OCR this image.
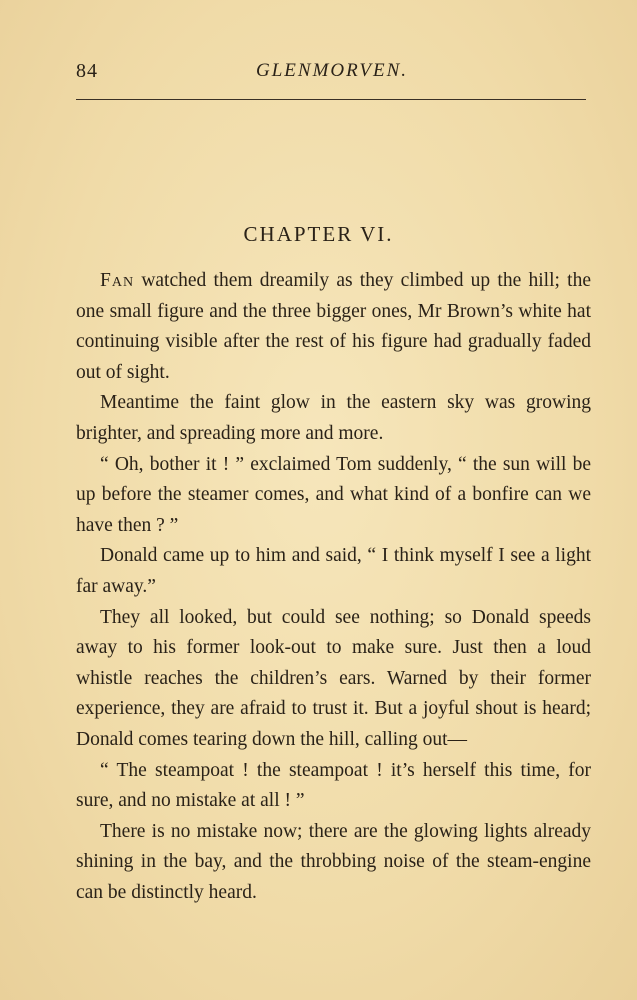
84	GLENMORVEN.
CHAPTER VI.

Fan watched them dreamily as they climbed up the hill; the one small figure and the three bigger ones, Mr Brown’s white hat continuing visible after the rest of his figure had gradually faded out of sight.

Meantime the faint glow in the eastern sky was growing brighter, and spreading more and more.

“ Oh, bother it ! ” exclaimed Tom suddenly, “ the sun will be up before the steamer comes, and what kind of a bonfire can we have then ? ”

Donald came up to him and said, “ I think myself I see a light far away.”

They all looked, but could see nothing; so Donald speeds away to his former look-out to make sure. Just then a loud whistle reaches the children’s ears. Warned by their former experience, they are afraid to trust it. But a joyful shout is heard; Donald comes tearing down the hill, calling out—

“ The steampoat ! the steampoat ! it’s herself this time, for sure, and no mistake at all ! ”

There is no mistake now; there are the glowing lights already shining in the bay, and the throbbing noise of the steam-engine can be distinctly heard.
